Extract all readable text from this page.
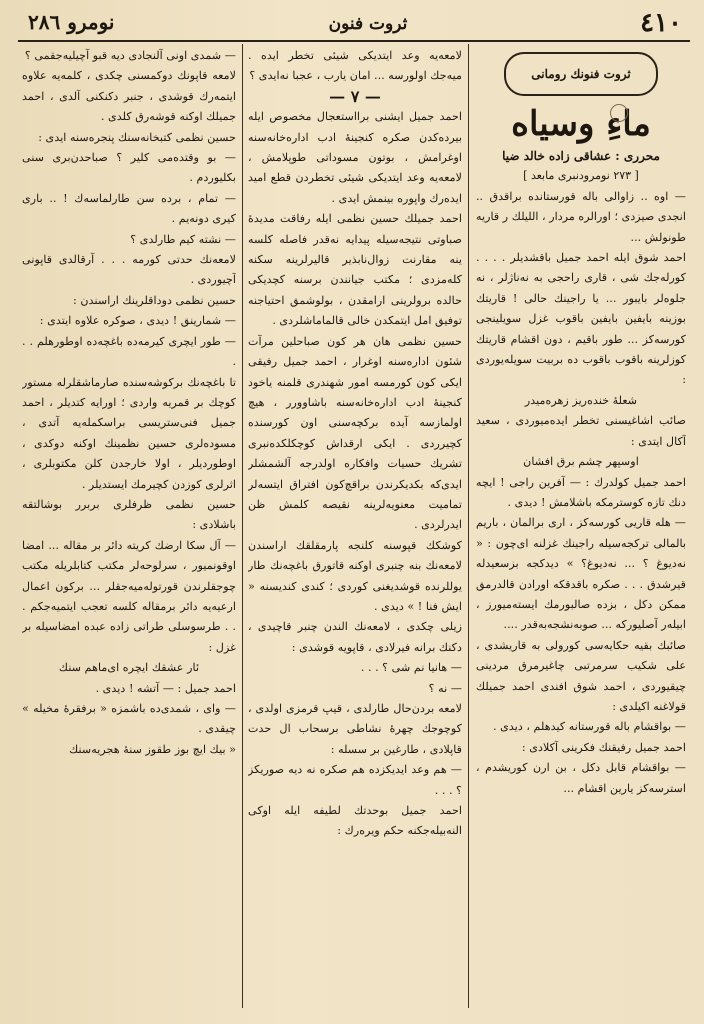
٤١٠
ثروت فنون
نومرو ٢٨٦
ثروت فنونك رومانی

ماءِ وسياه

محرری : عشاقی زاده خالد ضيا

[ ٢٧٣ نومرودنبری مابعد ]

— اوه .. زاوالی باله قورستانده براقدق .. انجدی صیزدی ؛ اورالره مردار ، الليلك ر قاريه طونولش ...

احمد شوق ايله احمد جميل باقشديلر . . . . كورله‌جك شی ، قاری راحجی به نه‌ناژلر ، نه جلوه‌لر بايبور ... يا راجينك حالی ! قاريتك بوزينه بايفين بايفين باقوب غزل سويلينجی كورسه‌كز ... طور باقيم ، دون اقشام قاريتك كوزلرينه باقوب باقوب ده بربيت سويله‌يوردی :

شعله‌ٔ خنده‌ريز زهره‌ميدر

صائب اشاغيسنی تخطر ايده‌ميوردی ، سعيد آكال ايتدی :

اوسپهر چشم برق افشان

احمد جميل كولدرك : — آفرين راجی ! ايچه دنك تازه كوسترمكه باشلامش ! ديدی .

— هله قاريی كورسه‌كز ، اری برالمان ، باريم بالمالی تركجه‌سيله راجينك غزلنه ای‌چون : « نه‌ديوغ ؟ ... نه‌ديوغ؟ » ديدكجه بزسعيدله قيرشدق . . . صكره باقدقكه اورادن قالدرمق ممكن دكل ، بزده صالبورمك ايسته‌ميورز ، ابيله‌ر آصليوركه ... صوبه‌نشجه‌به‌قدر ....

صائبك بقيه حكايه‌سی كورولی به قاريشدی ، علی شكيب سرمرتبی چاغيرمرق مردينی چيقيوردی ، احمد شوق افندی احمد جميلك قولاغنه اكيلدی :

— بواقشام باله قورستانه كيدهلم ، ديدی .

احمد جميل رفيقنك فكرينی آكلادی :

— بواقشام قابل دكل ، بن ارن كوريشدم ، استرسه‌كز يارين اقشام ...

لامعه‌يه وعد ايتديكی شيئی تخطر ايده . ميه‌جك اولورسه ... امان يارب ، عجبا نه‌ايدی ؟

— ٧ —

احمد جميل ايشنی برااستعجال مخصوص ايله بيرده‌كدن صكره كنجينهٔ ادب اداره‌خانه‌سنه اوغرامش ، بوتون مسوداتی طوپلامش ، لامعه‌يه وعد ايتديكی شيئی تخطردن قطع اميد ايده‌رك واپوره بينمش ايدی .

احمد جميلك حسين نظمی ايله رفاقت مديده‌ٔ صباوتی نتيجه‌سيله پيدايه نه‌قدر فاصله كلسه ينه مقارنت زوال‌نابذير قاليرلرينه سكنه كله‌مزدی ؛ مكتب جيانندن برسنه كچديكی حالده برولرينی ارامقدن ، بولوشمق احتياجنه توفيق امل ايتمكدن خالی قالماماشلردی .

حسين نظمی هان هر كون صباحلين مرآت شئون اداره‌سنه اوغرار ، احمد جميل رفيقی ايكی كون كورمسه امور شهندری قلمنه ياخود كنجينهٔ ادب اداره‌خانه‌سنه باشاوورر ، هيچ اولمازسه آيده بركچه‌سنی اون كورسنده كچيرردی . ايكی ارقداش كوچكلكده‌نبری تشريك حسيات وافكاره اولدرجه آلشمشلر ايدی‌كه بكديكرندن براقچ‌كون افتراق ايتسه‌لر تماميت معنويه‌لرينه نقيصه كلمش ظن ايدرلردی .

كوشكك قپوسنه كلنجه پارمقلقك اراسندن لامعه‌نك بنه چنبری اوكنه قاتورق باغچه‌نك طار يوللرنده قوشديغنی كوردی ؛ كندی كنديسنه « ايش فنا ! » ديدی .

زيلی چكدی ، لامعه‌نك الندن چنبر قاچيدی ، دكنك برانه فيرلادی ، قاپويه قوشدی :

— هانيا نم شی ؟ . . .

— نه ؟

لامعه بردن‌حال طارلدی ، قيپ قرمزی اولدی ، كوچوجك چهرهٔ نشاطی برسحاب ال حدت قاپلادی ، طارغين بر سسله :

— هم وعد ايديكزده هم صكره نه ديه صوريكز ؟ . . .

احمد جميل بوحدتك لطيفه ايله اوكی النه‌بيله‌جكنه حكم ويره‌رك :

— شمدی اونی آلنجادی ديه قبو آچيليه‌جقمی ؟

لامعه قاپونك دوكمسنی چكدی ، كلمه‌يه علاوه ايتمه‌رك قوشدی ، جنبر دكنكنی آلدی ، احمد جميلك اوكنه قوشه‌رق كلدی .

حسين نظمی كتبخانه‌سنك پنجره‌سنه ايدی :

— بو وقتده‌می كلير ؟ صباحدن‌بری سنی بكليوردم .

— تمام ، برده سن طارلماسه‌ك ! .. بارى كيری دونه‌يم .

— نشته كيم طارلدی ؟

لامعه‌نك حدتی كورمه . . . آرقالدی قاپونی آچيوردی .

حسين نظمی دوداقلرينك اراسندن :

— شمارينق ! ديدی ، صوكره علاوه ايتدی :

— طور ايچری كيرمه‌ده باغچه‌ده اوطورهلم . . .

تا باغچه‌نك بركوشه‌سنده صارماشقلرله مستور كوچك بر قمريه واردی ؛ اورايه كتديلر ، احمد جميل فنی‌ستريسی براسكمله‌يه آتدی ، مسوده‌لری حسين نظمينك اوكنه دوكدی ، اوطوردیلر ، اولا خارجدن كلن مكتوبلری ، اثرلری كوزدن كچيرمك ايستديلر .

حسين نظمی ظرفلری بربرر بوشالتقه باشلادی :

— آل سكا ارضك كريته دائر بر مقاله ... امضا اوقونميور ، سرلوحه‌لر مكتب كتابلريله مكتب چوجقلرندن قورتوله‌ميه‌جقلر ... بركون اعمال ارعيه‌يه دائر برمقاله كلسه تعجب ايتميه‌جكم . . . طرسوسلی طراتی زاده عبد‌ه امضاسيله بر غزل :

ئار عشقك ايچره ای‌ماهم سنك

احمد جميل : — آتشه ! ديدی .

— وای ، شمدی‌ده باشمزه « برفقرهٔ مخيله » چيقدی .

« بيك ايچ بوز طقوز سنهٔ هجريه‌سنك
